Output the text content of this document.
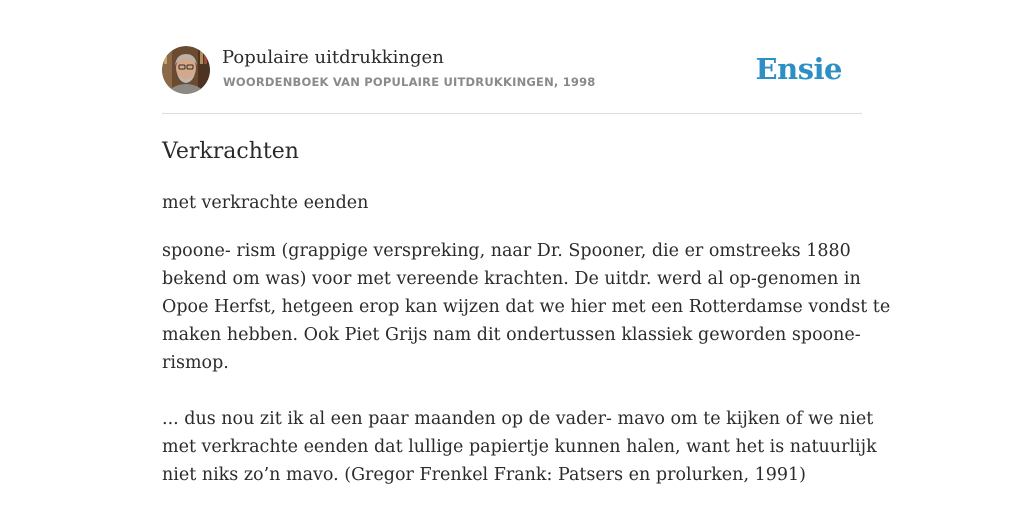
Populaire uitdrukkingen
WOORDENBOEK VAN POPULAIRE UITDRUKKINGEN, 1998	Ensie
Verkrachten
met verkrachte eenden

spoone- rism (grappige verspreking, naar Dr. Spooner, die er omstreeks 1880

bekend om was) voor met vereende krachten. De uitdr. werd al op-genomen in

Opoe Herfst, hetgeen erop kan wijzen dat we hier met een Rotterdamse vondst te

maken hebben. Ook Piet Grijs nam dit ondertussen klassiek geworden spoone-

rismop.

... dus nou zit ik al een paar maanden op de vader- mavo om te kijken of we niet

met verkrachte eenden dat lullige papiertje kunnen halen, want het is natuurlijk

niet niks zo’n mavo. (Gregor Frenkel Frank: Patsers en prolurken, 1991)
